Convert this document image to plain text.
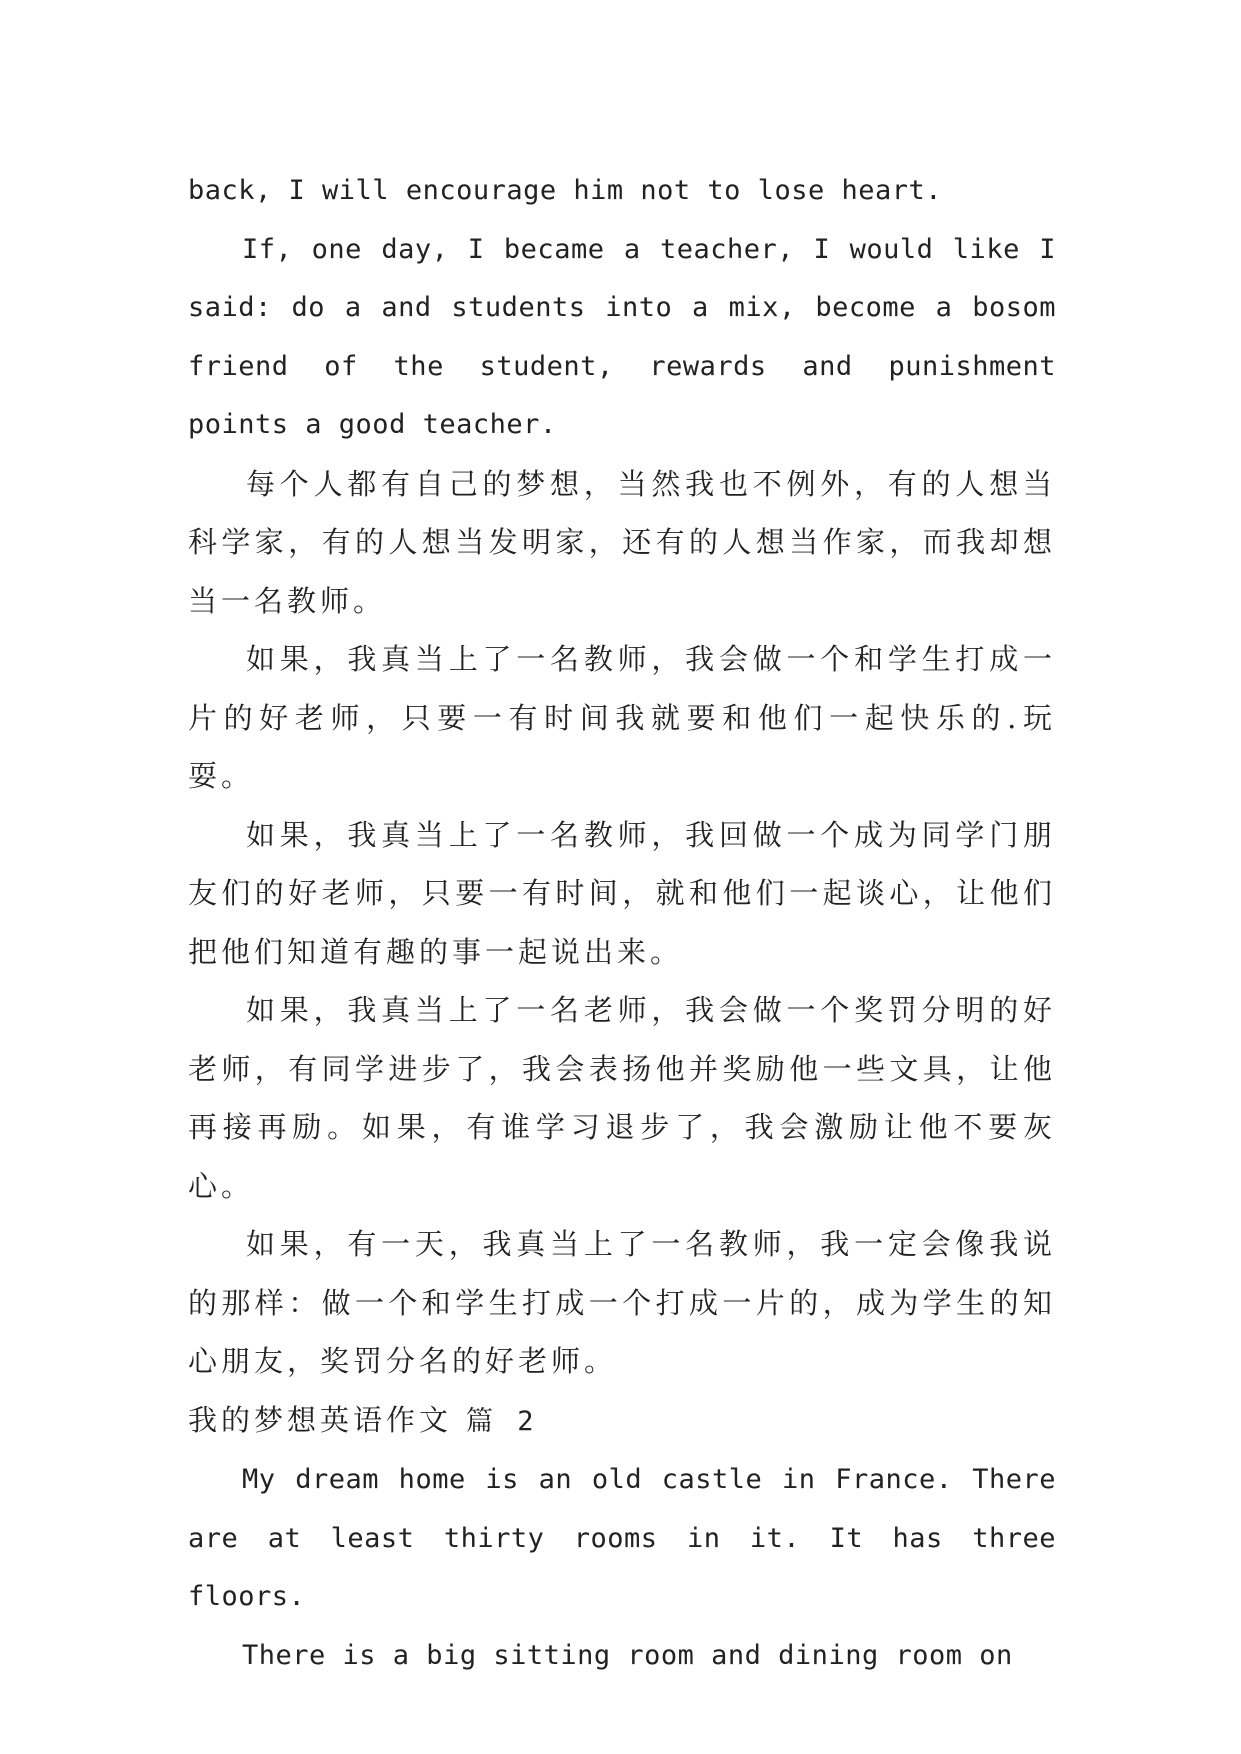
back, I will encourage him not to lose heart.

If, one day, I became a teacher, I would like I said: do a and students into a mix, become a bosom friend of the student, rewards and punishment points a good teacher.

每个人都有自己的梦想，当然我也不例外，有的人想当科学家，有的人想当发明家，还有的人想当作家，而我却想当一名教师。

如果，我真当上了一名教师，我会做一个和学生打成一片的好老师，只要一有时间我就要和他们一起快乐的.玩耍。

如果，我真当上了一名教师，我回做一个成为同学门朋友们的好老师，只要一有时间，就和他们一起谈心，让他们把他们知道有趣的事一起说出来。

如果，我真当上了一名老师，我会做一个奖罚分明的好老师，有同学进步了，我会表扬他并奖励他一些文具，让他再接再励。如果，有谁学习退步了，我会激励让他不要灰心。

如果，有一天，我真当上了一名教师，我一定会像我说的那样：做一个和学生打成一个打成一片的，成为学生的知心朋友，奖罚分名的好老师。

我的梦想英语作文 篇 2

My dream home is an old castle in France. There are at least thirty rooms in it. It has three floors.

There is a big sitting room and dining room on
